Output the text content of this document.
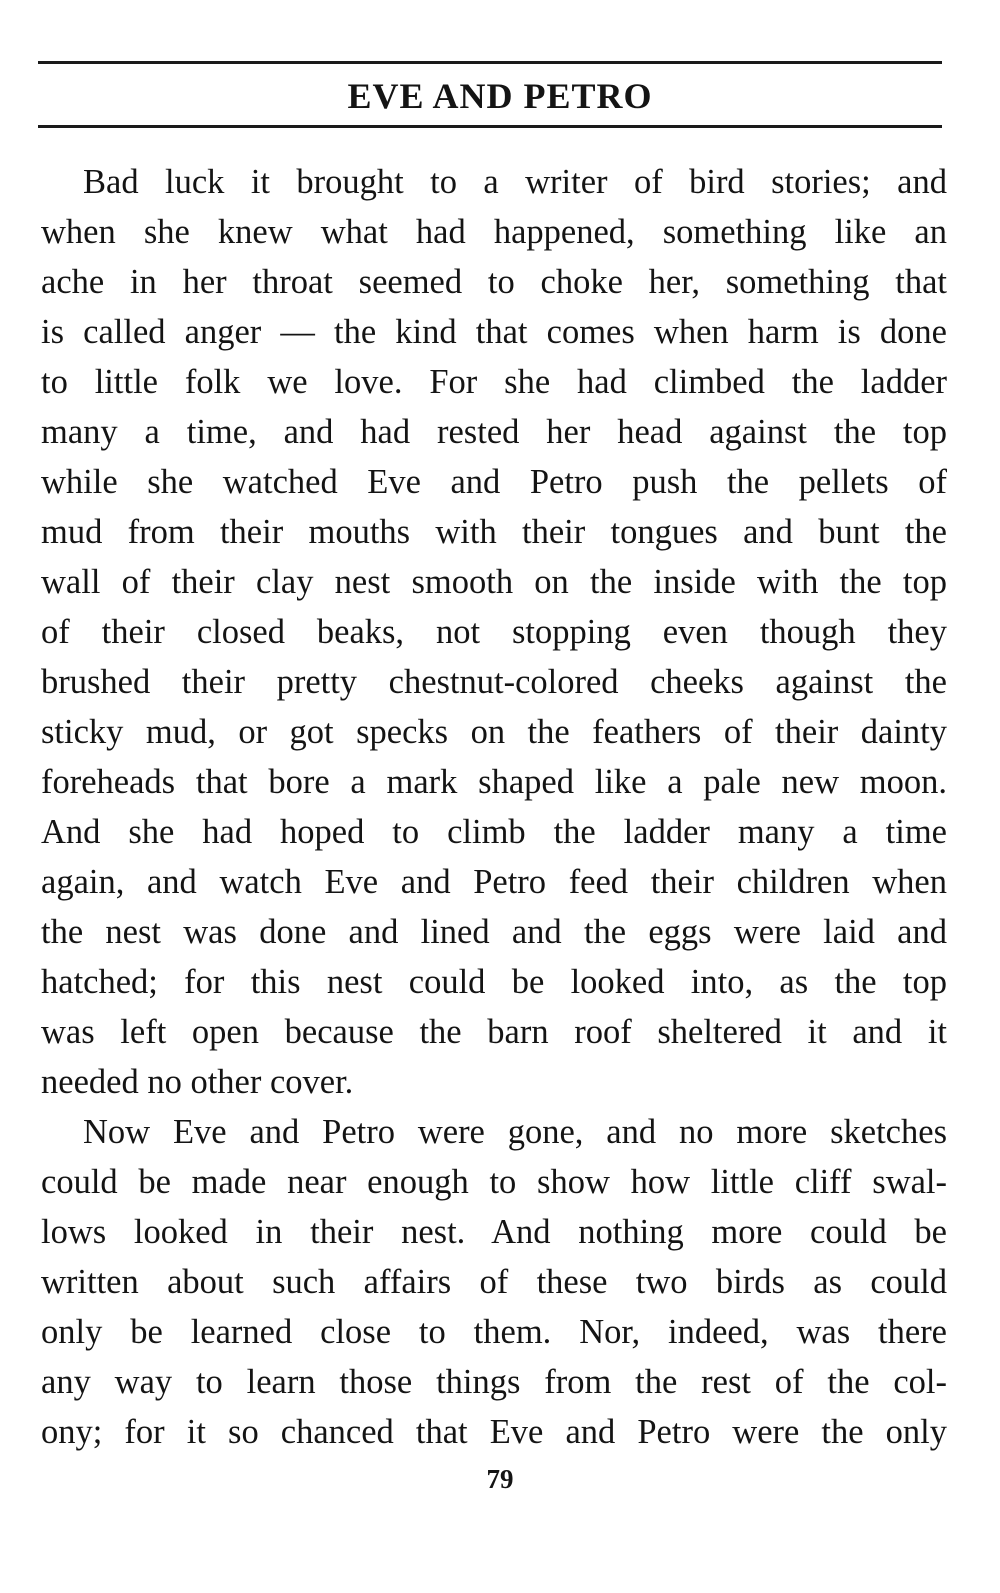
EVE AND PETRO
Bad luck it brought to a writer of bird stories; and
when she knew what had happened, something like an
ache in her throat seemed to choke her, something that
is called anger — the kind that comes when harm is done
to little folk we love. For she had climbed the ladder
many a time, and had rested her head against the top
while she watched Eve and Petro push the pellets of
mud from their mouths with their tongues and bunt the
wall of their clay nest smooth on the inside with the top
of their closed beaks, not stopping even though they
brushed their pretty chestnut-colored cheeks against the
sticky mud, or got specks on the feathers of their dainty
foreheads that bore a mark shaped like a pale new moon.
And she had hoped to climb the ladder many a time
again, and watch Eve and Petro feed their children when
the nest was done and lined and the eggs were laid and
hatched; for this nest could be looked into, as the top
was left open because the barn roof sheltered it and it
needed no other cover.
Now Eve and Petro were gone, and no more sketches
could be made near enough to show how little cliff swal-
lows looked in their nest. And nothing more could be
written about such affairs of these two birds as could
only be learned close to them. Nor, indeed, was there
any way to learn those things from the rest of the col-
ony; for it so chanced that Eve and Petro were the only
79
